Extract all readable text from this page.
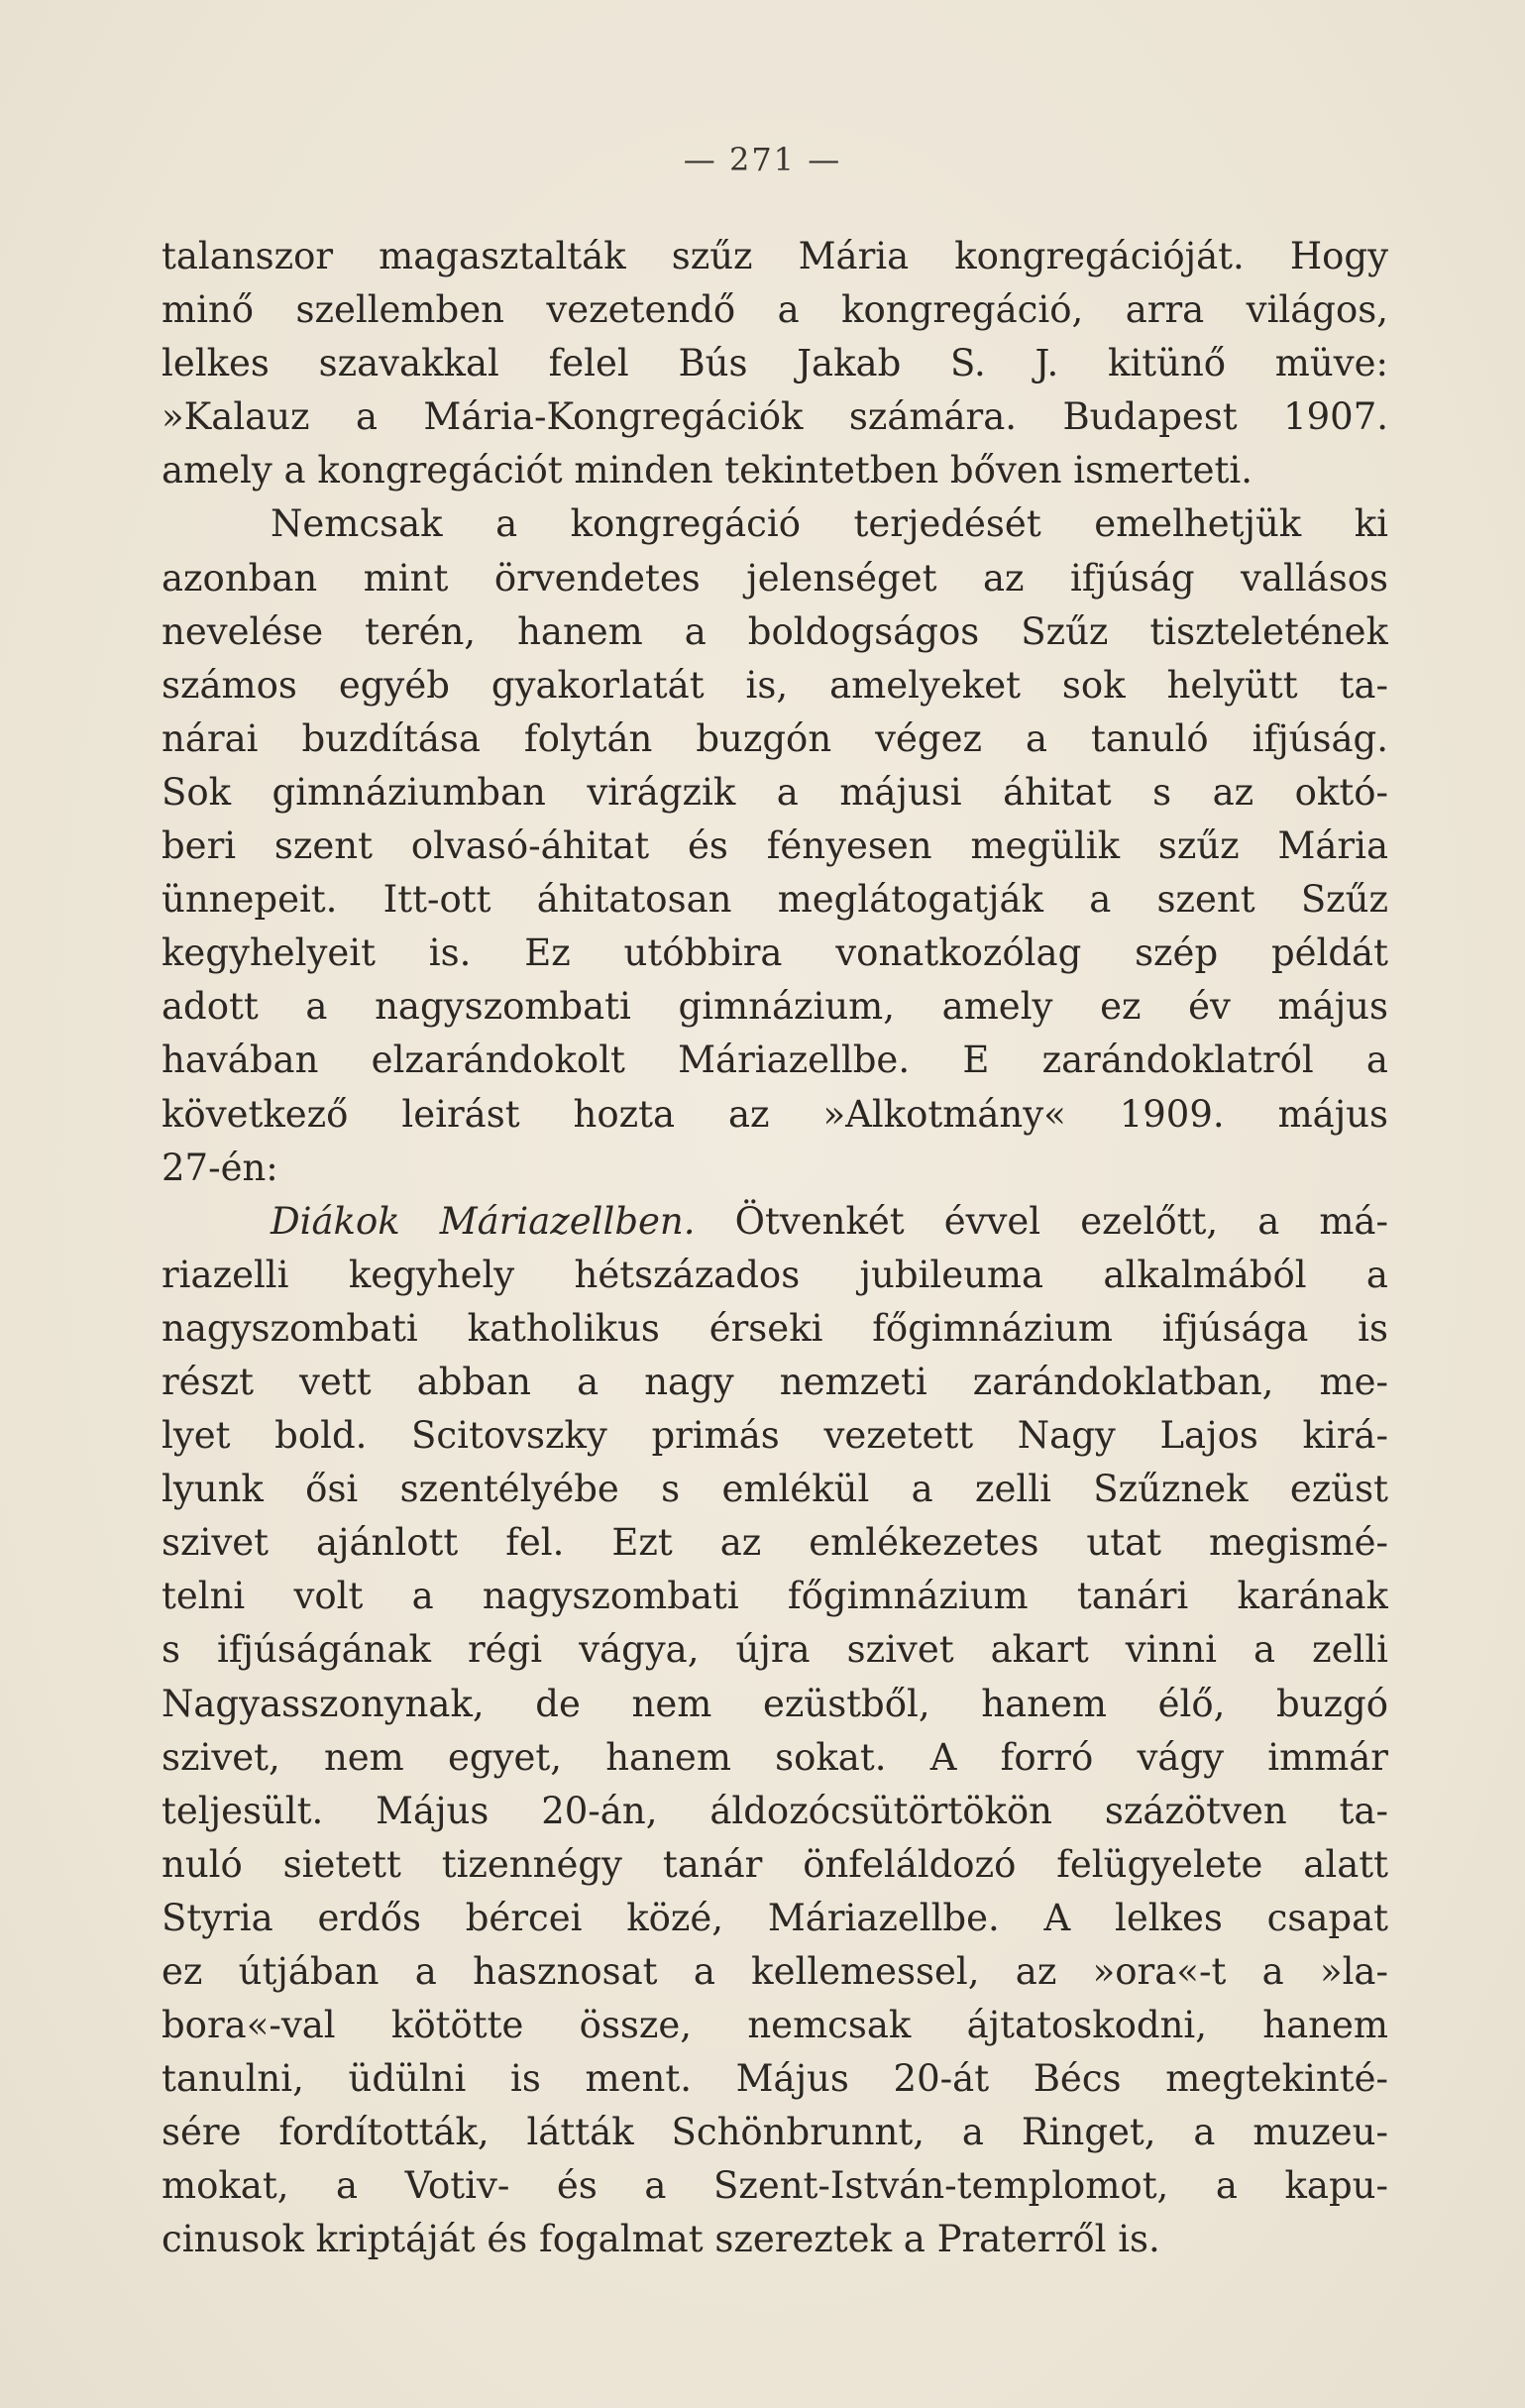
— 271 —
talanszor magasztalták szűz Mária kongregációját. Hogy
minő szellemben vezetendő a kongregáció, arra világos,
lelkes szavakkal felel Bús Jakab S. J. kitünő müve:
»Kalauz a Mária-Kongregációk számára. Budapest 1907.
amely a kongregációt minden tekintetben bőven ismerteti.
Nemcsak a kongregáció terjedését emelhetjük ki
azonban mint örvendetes jelenséget az ifjúság vallásos
nevelése terén, hanem a boldogságos Szűz tiszteletének
számos egyéb gyakorlatát is, amelyeket sok helyütt ta-
nárai buzdítása folytán buzgón végez a tanuló ifjúság.
Sok gimnáziumban virágzik a májusi áhitat s az októ-
beri szent olvasó-áhitat és fényesen megülik szűz Mária
ünnepeit. Itt-ott áhitatosan meglátogatják a szent Szűz
kegyhelyeit is. Ez utóbbira vonatkozólag szép példát
adott a nagyszombati gimnázium, amely ez év május
havában elzarándokolt Máriazellbe. E zarándoklatról a
következő leirást hozta az »Alkotmány« 1909. május
27-én:
Diákok Máriazellben. Ötvenkét évvel ezelőtt, a má-
riazelli kegyhely hétszázados jubileuma alkalmából a
nagyszombati katholikus érseki főgimnázium ifjúsága is
részt vett abban a nagy nemzeti zarándoklatban, me-
lyet bold. Scitovszky primás vezetett Nagy Lajos kirá-
lyunk ősi szentélyébe s emlékül a zelli Szűznek ezüst
szivet ajánlott fel. Ezt az emlékezetes utat megismé-
telni volt a nagyszombati főgimnázium tanári karának
s ifjúságának régi vágya, újra szivet akart vinni a zelli
Nagyasszonynak, de nem ezüstből, hanem élő, buzgó
szivet, nem egyet, hanem sokat. A forró vágy immár
teljesült. Május 20-án, áldozócsütörtökön százötven ta-
nuló sietett tizennégy tanár önfeláldozó felügyelete alatt
Styria erdős bércei közé, Máriazellbe. A lelkes csapat
ez útjában a hasznosat a kellemessel, az »ora«-t a »la-
bora«-val kötötte össze, nemcsak ájtatoskodni, hanem
tanulni, üdülni is ment. Május 20-át Bécs megtekinté-
sére fordították, látták Schönbrunnt, a Ringet, a muzeu-
mokat, a Votiv- és a Szent-István-templomot, a kapu-
cinusok kriptáját és fogalmat szereztek a Praterről is.
